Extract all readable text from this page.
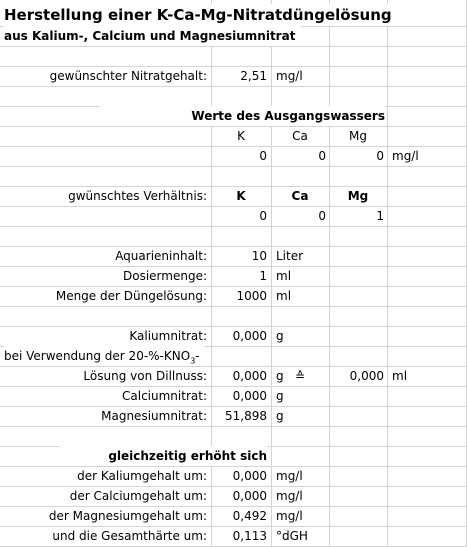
Herstellung einer K-Ca-Mg-Nitratdüngelösung
aus Kalium-, Calcium und Magnesiumnitrat
gewünschter Nitratgehalt:	2,51 mg/l
Werte des Ausgangswassers
K	Ca	Mg
0	0	0 mg/l
gwünschtes Verhältnis:	K	Ca	Mg
0	0	1
Aquarieninhalt:	10 Liter
Dosiermenge:	1 ml
Menge der Düngelösung:	1000 ml
Kaliumnitrat:	0,000 g
bei Verwendung der $20-\%-KNO_3-$
Lösung von Dillnuss:	0,000 g ≙	0,000 ml
Calciumnitrat:	0,000 g
Magnesiumnitrat:	51,898 g
gleichzeitig erhöht sich
der Kaliumgehalt um:	0,000 mg/l
der Calciumgehalt um:	0,000 mg/l
der Magnesiumgehalt um:	0,492 mg/l
und die Gesamthärte um:	0,113 °dGH
